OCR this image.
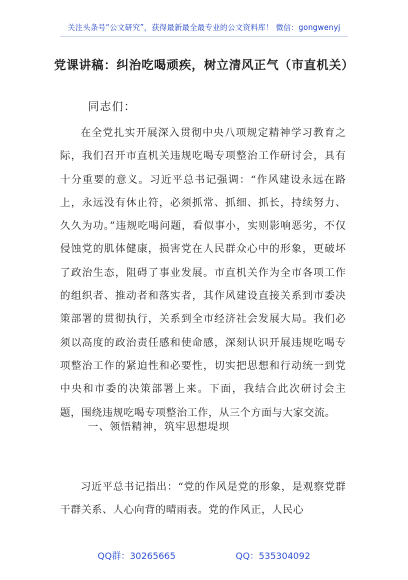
关注头条号“公文研究”，获得最新最全最专业的公文资料库！ 微信：gongwenyj
党课讲稿：纠治吃喝顽疾，树立清风正气（市直机关）
同志们：
在全党扎实开展深入贯彻中央八项规定精神学习教育之际，我们召开市直机关违规吃喝专项整治工作研讨会，具有十分重要的意义。习近平总书记强调：“作风建设永远在路上，永远没有休止符，必须抓常、抓细、抓长，持续努力、久久为功。”违规吃喝问题，看似事小，实则影响恶劣，不仅侵蚀党的肌体健康，损害党在人民群众心中的形象，更破坏了政治生态，阻碍了事业发展。市直机关作为全市各项工作的组织者、推动者和落实者，其作风建设直接关系到市委决策部署的贯彻执行，关系到全市经济社会发展大局。我们必须以高度的政治责任感和使命感，深刻认识开展违规吃喝专项整治工作的紧迫性和必要性，切实把思想和行动统一到党中央和市委的决策部署上来。下面，我结合此次研讨会主题，围绕违规吃喝专项整治工作，从三个方面与大家交流。
一、领悟精神，筑牢思想堤坝
习近平总书记指出：“党的作风是党的形象，是观察党群干群关系、人心向背的晴雨表。党的作风正，人民心
QQ群：30265665	QQ：535304092
